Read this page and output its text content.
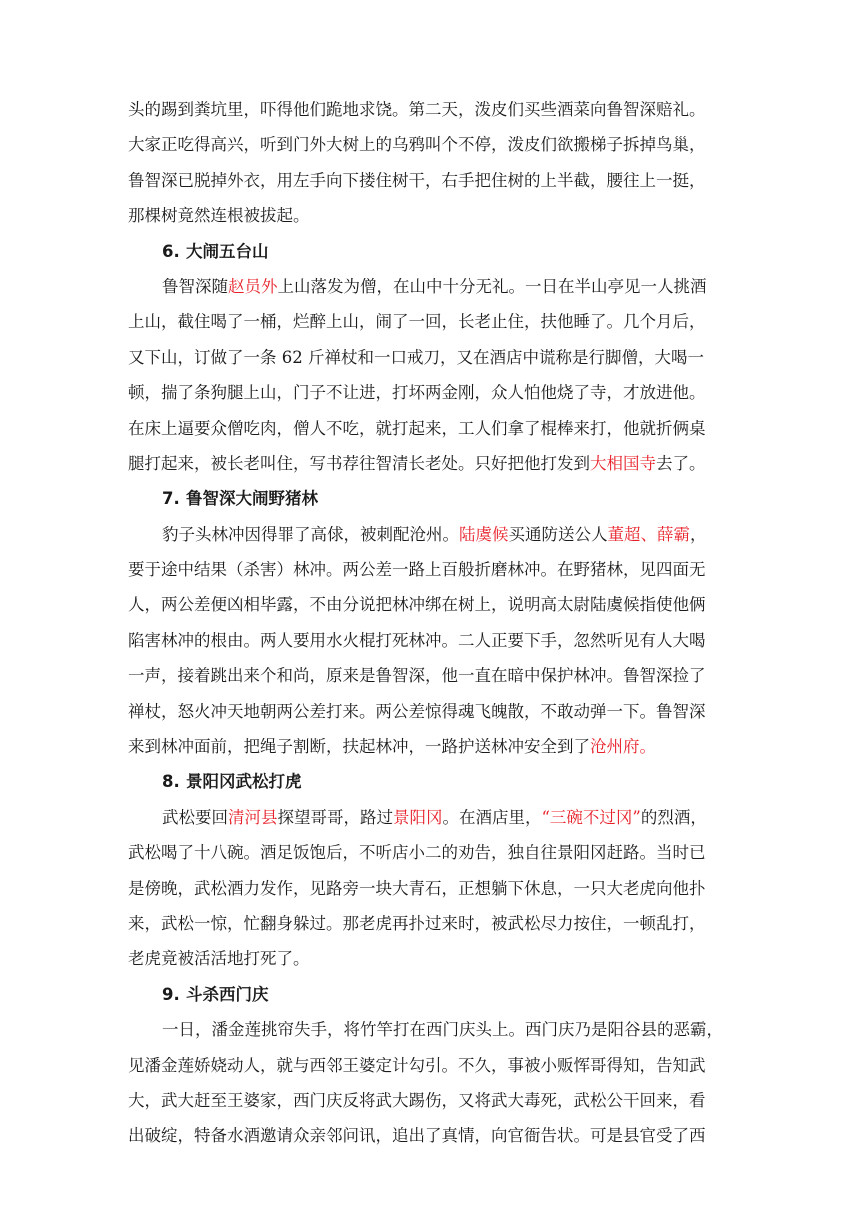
头的踢到粪坑里，吓得他们跪地求饶。第二天，泼皮们买些酒菜向鲁智深赔礼。
大家正吃得高兴，听到门外大树上的乌鸦叫个不停，泼皮们欲搬梯子拆掉鸟巢，
鲁智深已脱掉外衣，用左手向下搂住树干，右手把住树的上半截，腰往上一挺，
那棵树竟然连根被拔起。
6. 大闹五台山
鲁智深随赵员外上山落发为僧，在山中十分无礼。一日在半山亭见一人挑酒
上山，截住喝了一桶，烂醉上山，闹了一回，长老止住，扶他睡了。几个月后，
又下山，订做了一条 62 斤禅杖和一口戒刀，又在酒店中谎称是行脚僧，大喝一
顿，揣了条狗腿上山，门子不让进，打坏两金刚，众人怕他烧了寺，才放进他。
在床上逼要众僧吃肉，僧人不吃，就打起来，工人们拿了棍棒来打，他就折俩桌
腿打起来，被长老叫住，写书荐往智清长老处。只好把他打发到大相国寺去了。
7. 鲁智深大闹野猪林
豹子头林冲因得罪了高俅，被刺配沧州。陆虞候买通防送公人董超、薛霸，
要于途中结果（杀害）林冲。两公差一路上百般折磨林冲。在野猪林，见四面无
人，两公差便凶相毕露，不由分说把林冲绑在树上，说明高太尉陆虞候指使他俩
陷害林冲的根由。两人要用水火棍打死林冲。二人正要下手，忽然听见有人大喝
一声，接着跳出来个和尚，原来是鲁智深，他一直在暗中保护林冲。鲁智深捡了
禅杖，怒火冲天地朝两公差打来。两公差惊得魂飞魄散，不敢动弹一下。鲁智深
来到林冲面前，把绳子割断，扶起林冲，一路护送林冲安全到了沧州府。
8. 景阳冈武松打虎
武松要回清河县探望哥哥，路过景阳冈。在酒店里，“三碗不过冈”的烈酒，
武松喝了十八碗。酒足饭饱后，不听店小二的劝告，独自往景阳冈赶路。当时已
是傍晚，武松酒力发作，见路旁一块大青石，正想躺下休息，一只大老虎向他扑
来，武松一惊，忙翻身躲过。那老虎再扑过来时，被武松尽力按住，一顿乱打，
老虎竟被活活地打死了。
9. 斗杀西门庆
一日，潘金莲挑帘失手，将竹竿打在西门庆头上。西门庆乃是阳谷县的恶霸，
见潘金莲娇娆动人，就与西邻王婆定计勾引。不久，事被小贩恽哥得知，告知武
大，武大赶至王婆家，西门庆反将武大踢伤，又将武大毒死，武松公干回来，看
出破绽，特备水酒邀请众亲邻问讯，追出了真情，向官衙告状。可是县官受了西
